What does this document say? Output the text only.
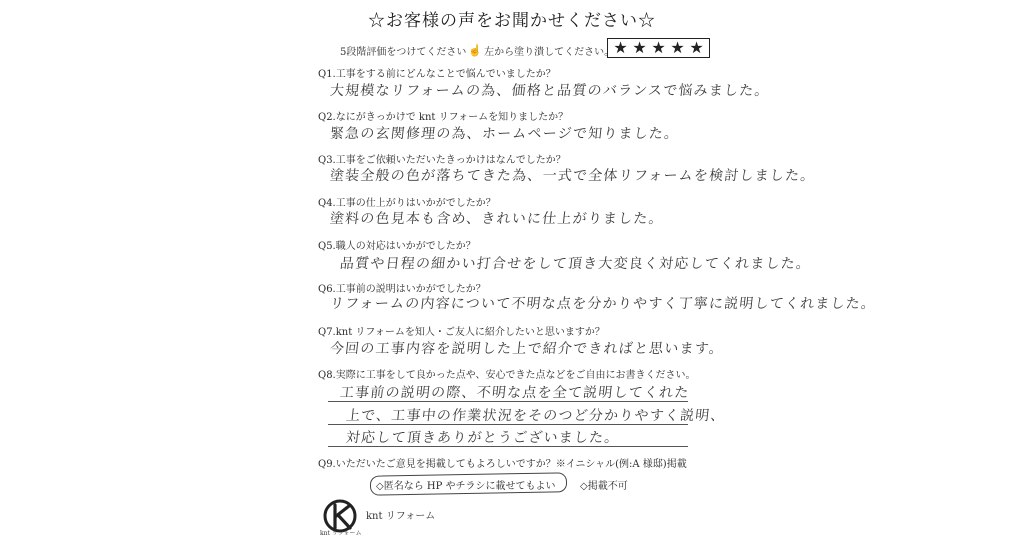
☆お客様の声をお聞かせください☆
5段階評価をつけてください ☝ 左から塗り潰してください。 ★ ★ ★ ★ ★
Q1.工事をする前にどんなことで悩んでいましたか？
大規模なリフォームの為、価格と品質のバランスで悩みました。
Q2.なにがきっかけで knt リフォームを知りましたか？
緊急の玄関修理の為、ホームページで知りました。
Q3.工事をご依頼いただいたきっかけはなんでしたか？
塗装全般の色が落ちてきた為、一式で全体リフォームを検討しました。
Q4.工事の仕上がりはいかがでしたか？
塗料の色見本も含め、きれいに仕上がりました。
Q5.職人の対応はいかがでしたか？
品質や日程の細かい打合せをして頂き大変良く対応してくれました。
Q6.工事前の説明はいかがでしたか？
リフォームの内容について不明な点を分かりやすく丁寧に説明してくれました。
Q7.knt リフォームを知人・ご友人に紹介したいと思いますか？
今回の工事内容を説明した上で紹介できればと思います。
Q8.実際に工事をして良かった点や、安心できた点などをご自由にお書きください。
工事前の説明の際、不明な点を全て説明してくれた
上で、工事中の作業状況をそのつど分かりやすく説明、
対応して頂きありがとうございました。
Q9.いただいたご意見を掲載してもよろしいですか？※イニシャル(例:A 様邸)掲載
◇匿名なら HP やチラシに載せてもよい ◇掲載不可
knt リフォーム
knt リフォーム
